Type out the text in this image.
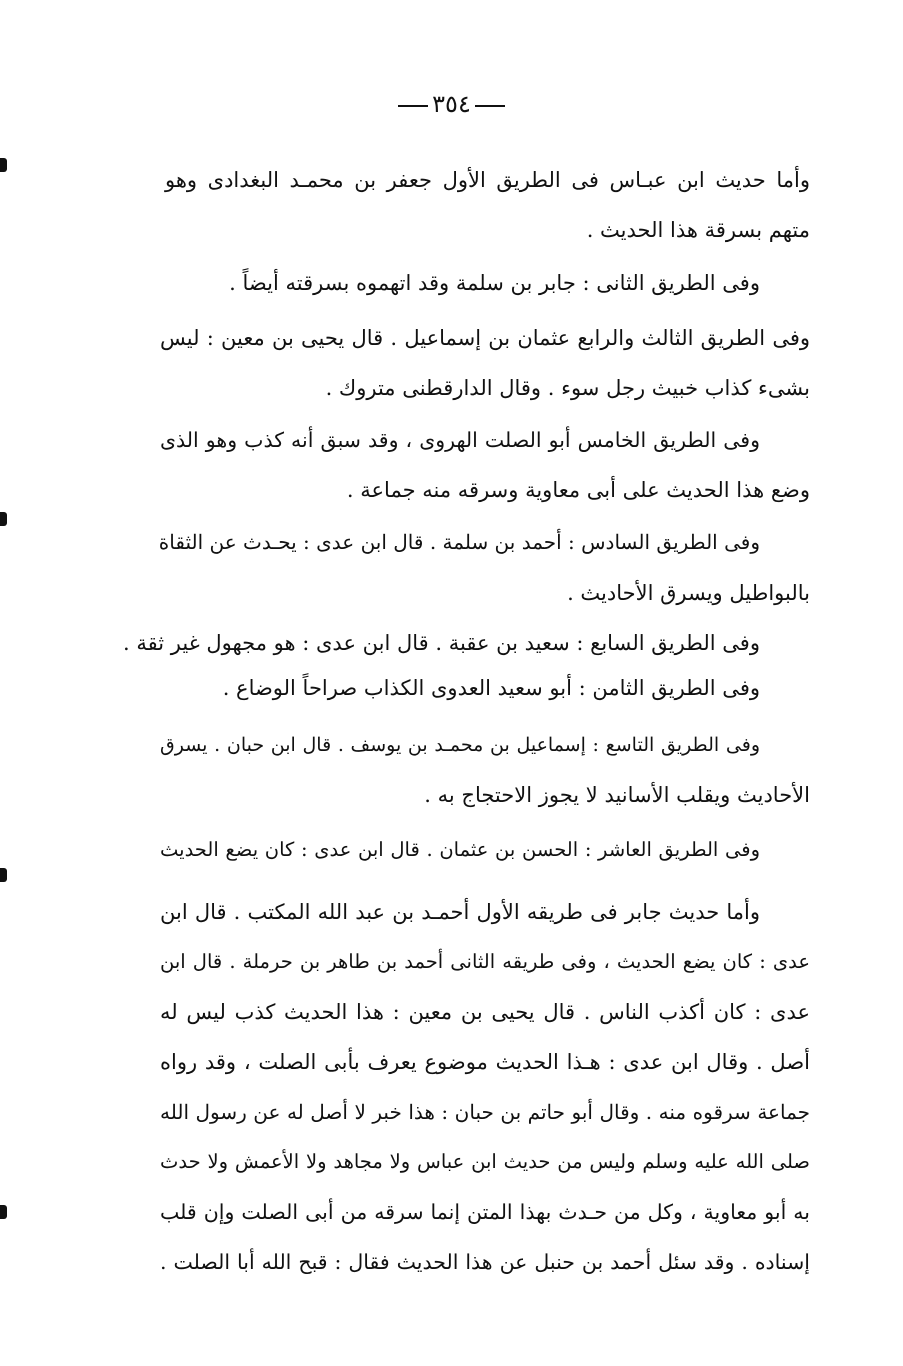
٣٥٤
وأما حديث ابن عبـاس فى الطريق الأول جعفر بن محمـد البغدادى وهو
متهم بسرقة هذا الحديث .
وفى الطريق الثانى : جابر بن سلمة وقد اتهموه بسرقته أيضاً .
وفى الطريق الثالث والرابع عثمان بن إسماعيل . قال يحيى بن معين : ليس
بشىء كذاب خبيث رجل سوء . وقال الدارقطنى متروك .
وفى الطريق الخامس أبو الصلت الهروى ، وقد سبق أنه كذب وهو الذى
وضع هذا الحديث على أبى معاوية وسرقه منه جماعة .
وفى الطريق السادس : أحمد بن سلمة . قال ابن عدى : يحـدث عن الثقاة
بالبواطيل ويسرق الأحاديث .
وفى الطريق السابع : سعيد بن عقبة . قال ابن عدى : هو مجهول غير ثقة .
وفى الطريق الثامن : أبو سعيد العدوى الكذاب صراحاً الوضاع .
وفى الطريق التاسع : إسماعيل بن محمـد بن يوسف . قال ابن حبان . يسرق
الأحاديث ويقلب الأسانيد لا يجوز الاحتجاج به .
وفى الطريق العاشر : الحسن بن عثمان . قال ابن عدى : كان يضع الحديث
وأما حديث جابر فى طريقه الأول أحمـد بن عبد الله المكتب . قال ابن
عدى : كان يضع الحديث ، وفى طريقه الثانى أحمد بن طاهر بن حرملة . قال ابن
عدى : كان أكذب الناس . قال يحيى بن معين : هذا الحديث كذب ليس له
أصل . وقال ابن عدى : هـذا الحديث موضوع يعرف بأبى الصلت ، وقد رواه
جماعة سرقوه منه . وقال أبو حاتم بن حبان : هذا خبر لا أصل له عن رسول الله
صلى الله عليه وسلم وليس من حديث ابن عباس ولا مجاهد ولا الأعمش ولا حدث
به أبو معاوية ، وكل من حـدث بهذا المتن إنما سرقه من أبى الصلت وإن قلب
إسناده . وقد سئل أحمد بن حنبل عن هذا الحديث فقال : قبح الله أبا الصلت .
